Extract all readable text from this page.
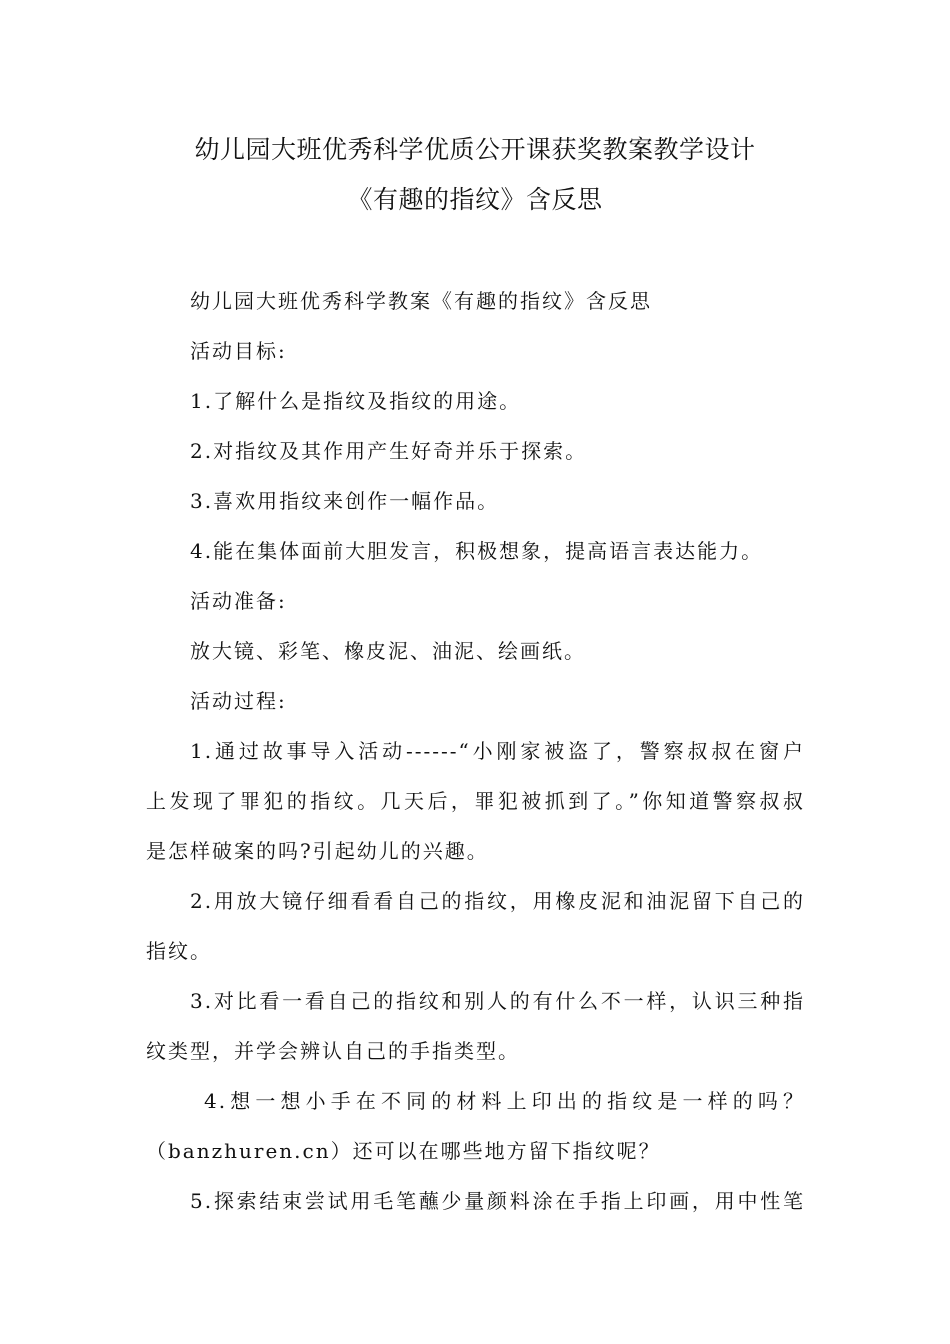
幼儿园大班优秀科学优质公开课获奖教案教学设计
《有趣的指纹》含反思
幼儿园大班优秀科学教案《有趣的指纹》含反思
活动目标:
1.了解什么是指纹及指纹的用途。
2.对指纹及其作用产生好奇并乐于探索。
3.喜欢用指纹来创作一幅作品。
4.能在集体面前大胆发言，积极想象，提高语言表达能力。
活动准备:
放大镜、彩笔、橡皮泥、油泥、绘画纸。
活动过程:
1.通过故事导入活动------“小刚家被盗了，警察叔叔在窗户
上发现了罪犯的指纹。几天后，罪犯被抓到了。”你知道警察叔叔
是怎样破案的吗?引起幼儿的兴趣。
2.用放大镜仔细看看自己的指纹，用橡皮泥和油泥留下自己的
指纹。
3.对比看一看自己的指纹和别人的有什么不一样，认识三种指
纹类型，并学会辨认自己的手指类型。
4.想一想小手在不同的材料上印出的指纹是一样的吗？
（banzhuren.cn）还可以在哪些地方留下指纹呢？
5.探索结束尝试用毛笔蘸少量颜料涂在手指上印画，用中性笔
